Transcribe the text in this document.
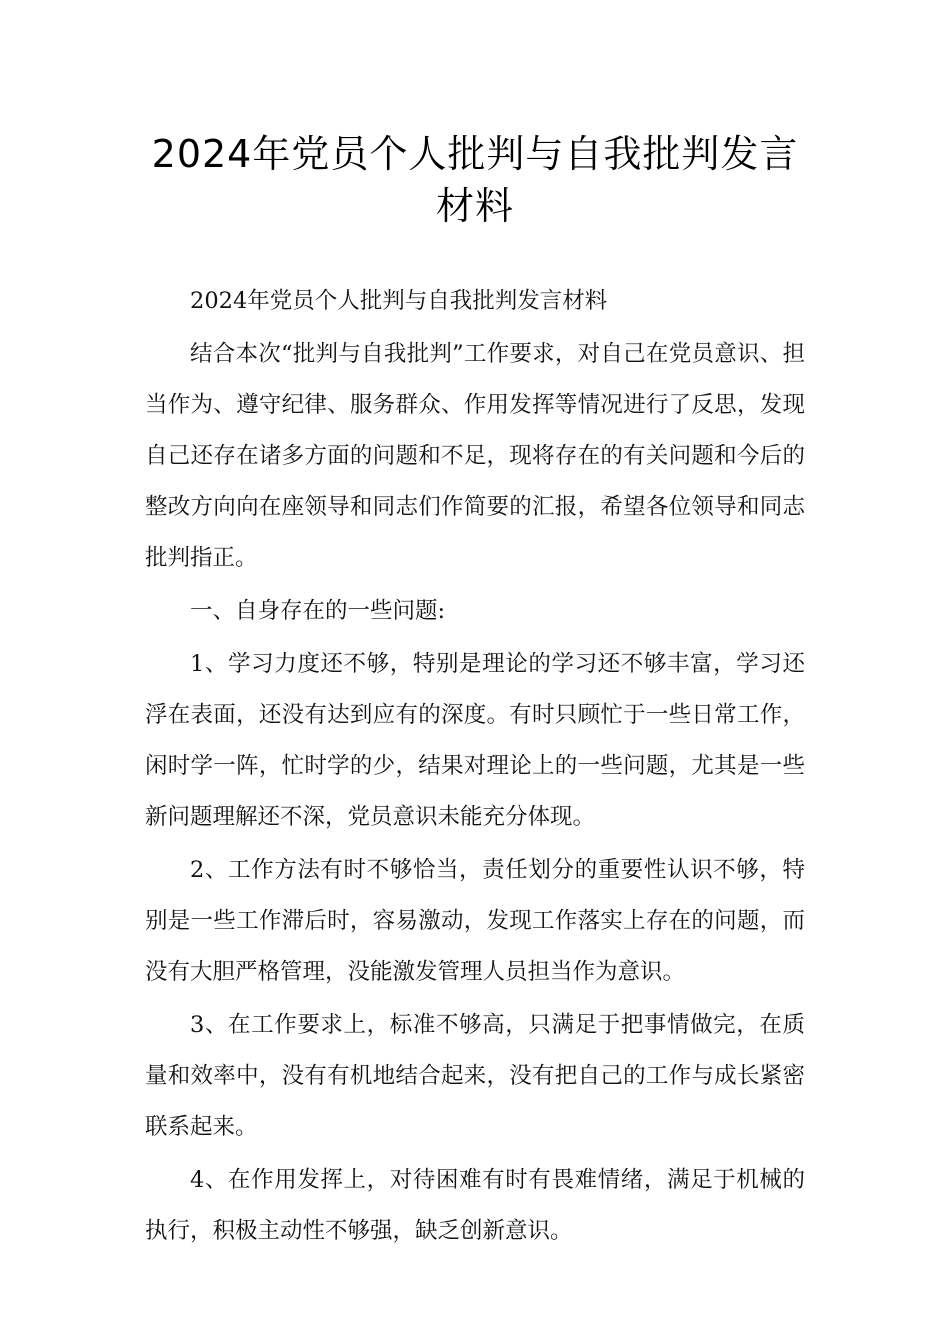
2024年党员个人批判与自我批判发言材料

2024年党员个人批判与自我批判发言材料

结合本次“批判与自我批判”工作要求，对自己在党员意识、担当作为、遵守纪律、服务群众、作用发挥等情况进行了反思，发现自己还存在诸多方面的问题和不足，现将存在的有关问题和今后的整改方向向在座领导和同志们作简要的汇报，希望各位领导和同志批判指正。

一、自身存在的一些问题:

1、学习力度还不够，特别是理论的学习还不够丰富，学习还浮在表面，还没有达到应有的深度。有时只顾忙于一些日常工作，闲时学一阵，忙时学的少，结果对理论上的一些问题，尤其是一些新问题理解还不深，党员意识未能充分体现。

2、工作方法有时不够恰当，责任划分的重要性认识不够，特别是一些工作滞后时，容易激动，发现工作落实上存在的问题，而没有大胆严格管理，没能激发管理人员担当作为意识。

3、在工作要求上，标准不够高，只满足于把事情做完，在质量和效率中，没有有机地结合起来，没有把自己的工作与成长紧密联系起来。

4、在作用发挥上，对待困难有时有畏难情绪，满足于机械的执行，积极主动性不够强，缺乏创新意识。
